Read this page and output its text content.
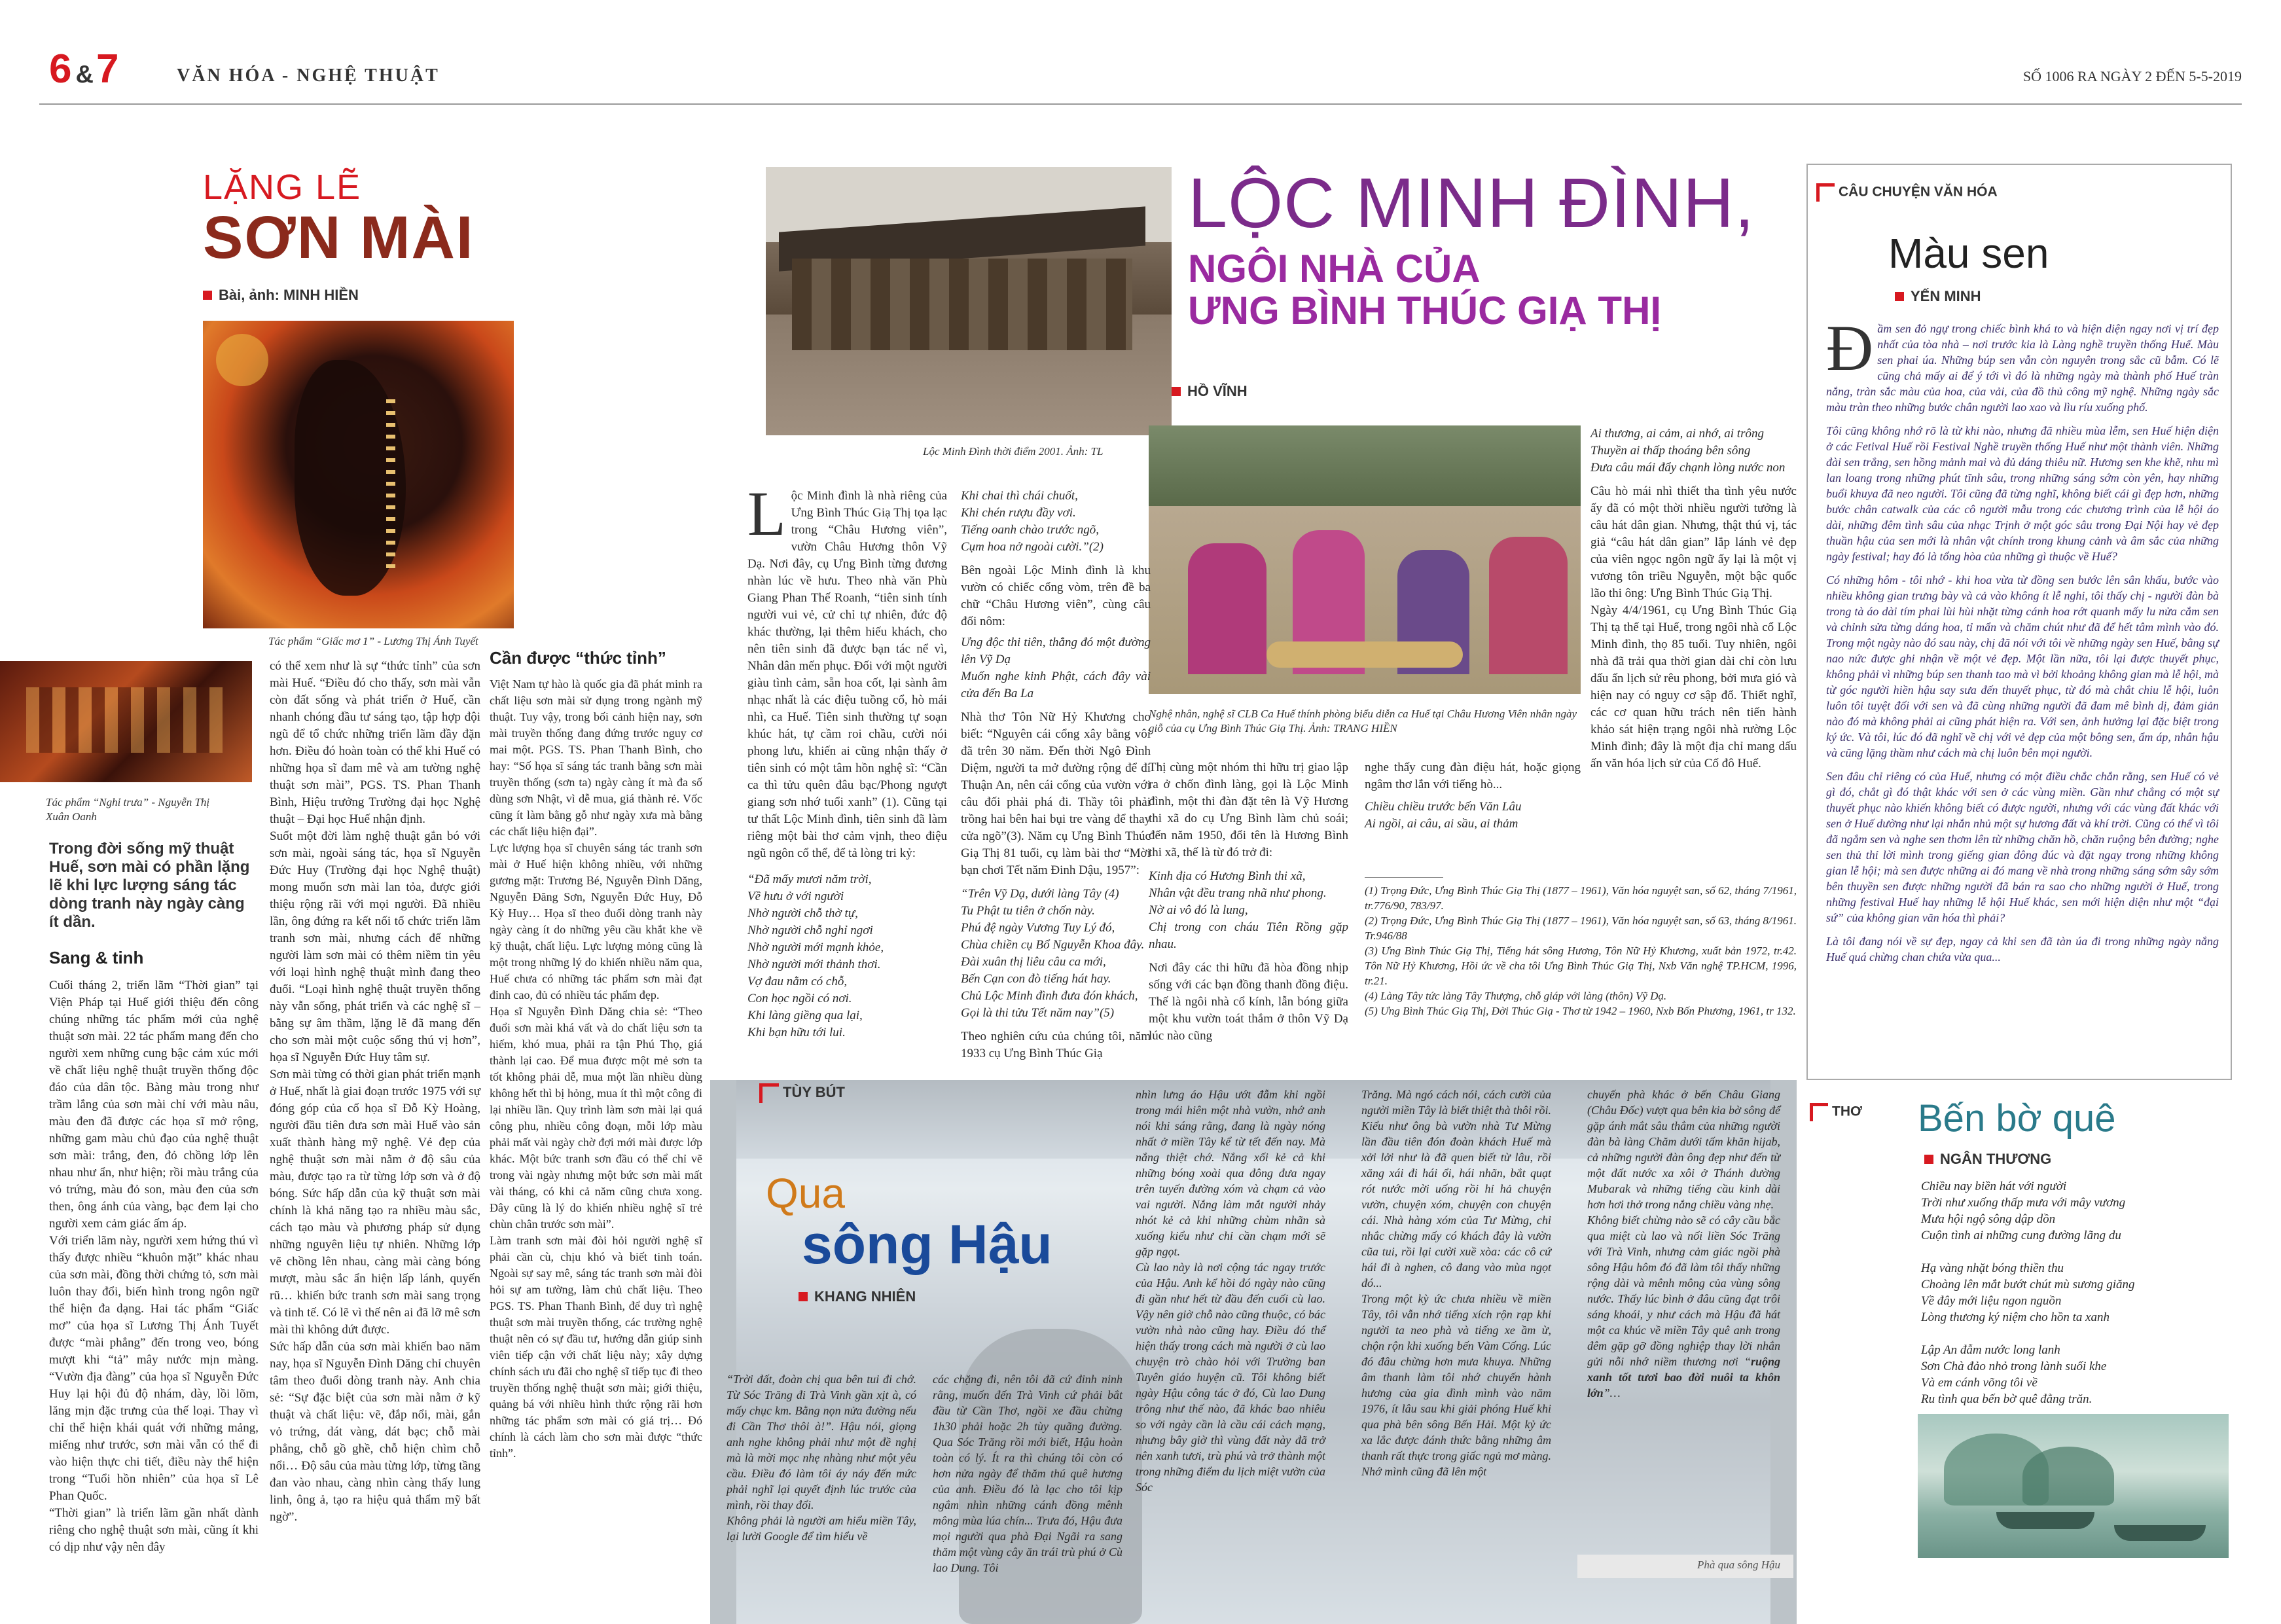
6 &7	VĂN HÓA - NGHỆ THUẬT	SỐ 1006 RA NGÀY 2 ĐẾN 5-5-2019
LẶNG LẼ
SƠN MÀI
Bài, ảnh: MINH HIỀN
Tác phẩm “Giấc mơ 1” - Lương Thị Ánh Tuyết
Tác phẩm “Nghỉ trưa” - Nguyễn Thị Xuân Oanh
Trong đời sống mỹ thuật Huế, sơn mài có phần lặng lẽ khi lực lượng sáng tác dòng tranh này ngày càng ít dần.
Sang & tinh
Cuối tháng 2, triển lãm “Thời gian” tại Viện Pháp tại Huế giới thiệu đến công chúng những tác phẩm mới của nghệ thuật sơn mài. 22 tác phẩm mang đến cho người xem những cung bậc cảm xúc mới về chất liệu nghệ thuật truyền thống độc đáo của dân tộc. Bàng màu trong như trầm lắng của sơn mài chỉ với màu nâu, màu đen đã được các họa sĩ mở rộng, những gam màu chủ đạo của nghệ thuật sơn mài: trắng, đen, đỏ chồng lớp lên nhau như ẩn, như hiện; rồi màu trắng của vỏ trứng, màu đỏ son, màu đen của sơn then, ông ánh của vàng, bạc đem lại cho người xem cảm giác ấm áp.
Với triển lãm này, người xem hứng thú vì thấy được nhiều “khuôn mặt” khác nhau của sơn mài, đồng thời chứng tỏ, sơn mài luôn thay đổi, biến hình trong ngôn ngữ thể hiện đa dạng. Hai tác phẩm “Giấc mơ” của họa sĩ Lương Thị Ánh Tuyết được “mài phẳng” đến trong veo, bóng mượt khi “tả” mây nước mịn màng. “Vườn địa đàng” của họa sĩ Nguyễn Đức Huy lại hội đủ độ nhám, dày, lồi lõm, lăng mịn đặc trưng của thế loại. Thay vì chỉ thể hiện khái quát với những mảng, miếng như trước, sơn mài vẫn có thể đi vào hiện thực chi tiết, điều này thể hiện trong “Tuổi hồn nhiên” của họa sĩ Lê Phan Quốc.
“Thời gian” là triển lãm gần nhất dành riêng cho nghệ thuật sơn mài, cũng ít khi có dịp như vậy nên đây
có thể xem như là sự “thức tỉnh” của sơn mài Huế. “Điều đó cho thấy, sơn mài vẫn còn đất sống và phát triển ở Huế, cần nhanh chóng đầu tư sáng tạo, tập hợp đội ngũ để tổ chức những triển lãm đầy đặn hơn. Điều đó hoàn toàn có thể khi Huế có những họa sĩ đam mê và am tường nghệ thuật sơn mài”, PGS. TS. Phan Thanh Bình, Hiệu trưởng Trường đại học Nghệ thuật – Đại học Huế nhận định.
Suốt một đời làm nghệ thuật gắn bó với sơn mài, ngoài sáng tác, họa sĩ Nguyễn Đức Huy (Trường đại học Nghệ thuật) mong muốn sơn mài lan tỏa, được giới thiệu rộng rãi với mọi người. Đã nhiều lần, ông đứng ra kết nối tổ chức triển lãm tranh sơn mài, nhưng cách để những người làm sơn mài có thêm niềm tin yêu với loại hình nghệ thuật mình đang theo đuổi. “Loại hình nghệ thuật truyền thống này vẫn sống, phát triển và các nghệ sĩ – bằng sự âm thầm, lặng lẽ đã mang đến cho sơn mài một cuộc sống thú vị hơn”, họa sĩ Nguyễn Đức Huy tâm sự.
Sơn mài từng có thời gian phát triển mạnh ở Huế, nhất là giai đoạn trước 1975 với sự đóng góp của cố họa sĩ Đỗ Kỳ Hoàng, người đầu tiên đưa sơn mài Huế vào sản xuất thành hàng mỹ nghệ. Vẻ đẹp của nghệ thuật sơn mài nằm ở độ sâu của màu, được tạo ra từ từng lớp sơn và ở độ bóng. Sức hấp dẫn của kỹ thuật sơn mài chính là khả năng tạo ra nhiều màu sắc, cách tạo màu và phương pháp sử dụng những nguyên liệu tự nhiên. Những lớp vẽ chồng lên nhau, càng mài càng bóng mượt, màu sắc ẩn hiện lấp lánh, quyến rũ… khiến bức tranh sơn mài sang trọng và tinh tế. Có lẽ vì thế nên ai đã lỡ mê sơn mài thì không dứt được.
Sức hấp dẫn của sơn mài khiến bao năm nay, họa sĩ Nguyễn Đình Dăng chỉ chuyên tâm theo đuổi dòng tranh này. Anh chia sẻ: “Sự đặc biệt của sơn mài nằm ở kỹ thuật và chất liệu: vẽ, đắp nổi, mài, gắn vỏ trứng, dát vàng, dát bạc; chỗ mài phẳng, chỗ gồ ghề, chỗ hiện chìm chỗ nổi… Độ sâu của màu từng lớp, từng tầng đan vào nhau, càng nhìn càng thấy lung linh, ông ả, tạo ra hiệu quả thẩm mỹ bất ngờ”.
Cần được “thức tỉnh”
Việt Nam tự hào là quốc gia đã phát minh ra chất liệu sơn mài sử dụng trong ngành mỹ thuật. Tuy vậy, trong bối cảnh hiện nay, sơn mài truyền thống đang đứng trước nguy cơ mai một. PGS. TS. Phan Thanh Bình, cho hay: “Số họa sĩ sáng tác tranh bằng sơn mài truyền thống (sơn ta) ngày càng ít mà đa số dùng sơn Nhật, vì dễ mua, giá thành rẻ. Vốc cũng ít làm bằng gỗ như ngày xưa mà bằng các chất liệu hiện đại”.
Lực lượng họa sĩ chuyên sáng tác tranh sơn mài ở Huế hiện không nhiều, với những gương mặt: Trương Bé, Nguyễn Đình Dăng, Nguyễn Đăng Sơn, Nguyễn Đức Huy, Đỗ Kỳ Huy… Họa sĩ theo đuổi dòng tranh này ngày càng ít do những yêu cầu khắt khe về kỹ thuật, chất liệu. Lực lượng mỏng cũng là một trong những lý do khiến nhiều năm qua, Huế chưa có những tác phẩm sơn mài đạt đỉnh cao, đủ có nhiều tác phẩm đẹp.
Họa sĩ Nguyễn Đình Dăng chia sẻ: “Theo đuổi sơn mài khá vất và do chất liệu sơn ta hiếm, khó mua, phải ra tận Phú Thọ, giá thành lại cao. Để mua được một mẻ sơn ta tốt không phải dễ, mua một lần nhiều dùng không hết thì bị hỏng, mua ít thì một công đi lại nhiều lần. Quy trình làm sơn mài lại quá công phu, nhiều công đoạn, mỗi lớp màu phải mất vài ngày chờ đợi mới mài được lớp khác. Một bức tranh sơn đầu có thể chỉ vẽ trong vài ngày nhưng một bức sơn mài mất vài tháng, có khi cả năm cũng chưa xong. Đây cũng là lý do khiến nhiều nghệ sĩ trẻ chùn chân trước sơn mài”.
Làm tranh sơn mài đòi hỏi người nghệ sĩ phải cần cù, chịu khó và biết tinh toán. Ngoài sự say mê, sáng tác tranh sơn mài đòi hỏi sự am tường, làm chủ chất liệu. Theo PGS. TS. Phan Thanh Bình, để duy trì nghệ thuật sơn mài truyền thống, các trường nghệ thuật nên có sự đầu tư, hướng dẫn giúp sinh viên tiếp cận với chất liệu này; xây dựng chính sách ưu đãi cho nghệ sĩ tiếp tục đi theo truyền thống nghệ thuật sơn mài; giới thiệu, quảng bá với nhiều hình thức rộng rãi hơn những tác phẩm sơn mài có giá trị… Đó chính là cách làm cho sơn mài được “thức tỉnh”.
Lộc Minh Đình thời điểm 2001. Ảnh: TL
LỘC MINH ĐÌNH,
NGÔI NHÀ CỦA
ƯNG BÌNH THÚC GIẠ THỊ
HỒ VĨNH
Nghệ nhân, nghệ sĩ CLB Ca Huế thính phòng biểu diễn ca Huế tại Châu Hương Viên nhân ngày giỗ của cụ Ưng Bình Thúc Giạ Thị. Ảnh: TRANG HIỀN
L ộc Minh đình là nhà riêng của Ưng Bình Thúc Giạ Thị tọa lạc trong “Châu Hương viên”, vườn Châu Hương thôn Vỹ Dạ. Nơi đây, cụ Ưng Bình từng đương nhàn lúc về hưu. Theo nhà văn Phù Giang Phan Thế Roanh, “tiên sinh tính người vui vẻ, cử chỉ tự nhiên, đức độ khác thường, lại thêm hiếu khách, cho nên tiên sinh đã được bạn tác nể vì, Nhân dân mến phục. Đối với một người giàu tình cảm, sẵn hoa cốt, lại sành âm nhạc nhất là các điệu tuồng cổ, hò mái nhì, ca Huế. Tiên sinh thường tự soạn khúc hát, tự cầm roi chầu, cười nói phong lưu, khiến ai cũng nhận thấy ở tiên sinh có một tâm hồn nghệ sĩ: “Cần ca thì tửu quên đâu bạc/Phong ngượt giang sơn nhớ tuổi xanh” (1). Cũng tại tư thất Lộc Minh đình, tiên sinh đã làm riêng một bài thơ cảm vịnh, theo điệu ngũ ngôn cổ thể, để tả lòng tri kỷ:
“Đã mấy mươi năm trời,
Về hưu ở với người
Nhờ người chỗ thờ tự,
Nhờ người chỗ nghỉ ngơi
Nhờ người mới mạnh khỏe,
Nhờ người mới thảnh thơi.
Vợ đau nằm có chỗ,
Con học ngồi có nơi.
Khi làng giềng qua lại,
Khi bạn hữu tới lui.
Khi chai thì chái chuốt,
Khi chén rượu đầy vơi.
Tiếng oanh chào trước ngõ,
Cụm hoa nở ngoài cười.”(2)
Bên ngoài Lộc Minh đình là khu vườn có chiếc cổng vòm, trên đề ba chữ “Châu Hương viên”, cùng câu đối nôm:
Ưng độc thi tiên, thẳng đó một đường lên Vỹ Dạ
Muốn nghe kinh Phật, cách đây vài cửa đến Ba La
Nhà thơ Tôn Nữ Hỷ Khương cho biết: “Nguyên cái cổng xây bằng vôi đã trên 30 năm. Đến thời Ngô Đình Diệm, người ta mở đường rộng để đi Thuận An, nên cái cổng của vườn với câu đối phải phá đi. Thầy tôi phải trồng hai bên hai bụi tre vàng để thay cửa ngõ”(3). Năm cụ Ưng Bình Thúc Giạ Thị 81 tuổi, cụ làm bài thơ “Mời bạn chơi Tết năm Đinh Dậu, 1957”:
“Trên Vỹ Dạ, dưới làng Tây (4)
Tu Phật tu tiên ở chốn này.
Phú đệ ngày Vương Tuy Lý đó,
Chùa chiền cụ Bổ Nguyễn Khoa đây.
Đài xuân thị liêu câu ca mới,
Bến Cạn con đò tiếng hát hay.
Chủ Lộc Minh đình đưa đón khách,
Gọi là thi tửu Tết năm nay”(5)
Theo nghiên cứu của chúng tôi, năm 1933 cụ Ưng Bình Thúc Giạ
Thị cùng một nhóm thi hữu trị giao lập ra ở chốn đình làng, gọi là Lộc Minh đình, một thi đàn đặt tên là Vỹ Hương thi xã do cụ Ưng Bình làm chủ soái; đến năm 1950, đổi tên là Hương Bình thi xã, thế là từ đó trở đi:
Kinh địa có Hương Bình thi xã,
Nhân vật đều trang nhã như phong.
Nờ ai vô đó là lung,
Chị trong con cháu Tiên Rồng gặp nhau.
Nơi đây các thi hữu đã hòa đồng nhịp sống với các bạn đồng thanh đồng điệu. Thế là ngôi nhà cổ kính, lẫn bóng giữa một khu vườn toát thắm ở thôn Vỹ Dạ lúc nào cũng
nghe thấy cung đàn điệu hát, hoặc giọng ngâm thơ lắn với tiếng hò...
Chiều chiều trước bến Văn Lâu
Ai ngồi, ai câu, ai sầu, ai thảm
(1) Trọng Đức, Ưng Bình Thúc Giạ Thị (1877 – 1961), Văn hóa nguyệt san, số 62, tháng 7/1961, tr.776/90, 783/97.
(2) Trọng Đức, Ưng Bình Thúc Giạ Thị (1877 – 1961), Văn hóa nguyệt san, số 63, tháng 8/1961. Tr.946/88
(3) Ưng Bình Thúc Giạ Thị, Tiếng hát sông Hương, Tôn Nữ Hỷ Khương, xuất bản 1972, tr.42. Tôn Nữ Hỷ Khương, Hồi ức về cha tôi Ưng Bình Thúc Giạ Thị, Nxb Văn nghệ TP.HCM, 1996, tr.21.
(4) Làng Tây tức làng Tây Thượng, chỗ giáp với làng (thôn) Vỹ Dạ.
(5) Ưng Bình Thúc Giạ Thị, Đời Thúc Giạ - Thơ từ 1942 – 1960, Nxb Bốn Phương, 1961, tr 132.
Ai thương, ai cảm, ai nhớ, ai trông
Thuyền ai thấp thoáng bên sông
Đưa câu mái đẩy chạnh lòng nước non
Câu hò mái nhì thiết tha tình yêu nước ấy đã có một thời nhiều người tưởng là câu hát dân gian. Nhưng, thật thú vị, tác giả “câu hát dân gian” lắp lánh vẻ đẹp của viên ngọc ngôn ngữ ấy lại là một vị vương tôn triều Nguyễn, một bậc quốc lão thi ông: Ưng Bình Thúc Giạ Thị.
Ngày 4/4/1961, cụ Ưng Bình Thúc Giạ Thị tạ thế tại Huế, trong ngôi nhà cổ Lộc Minh đình, thọ 85 tuổi. Tuy nhiên, ngôi nhà đã trải qua thời gian dài chỉ còn lưu dấu ấn lịch sử rêu phong, bởi mưa gió và hiện nay có nguy cơ sập đổ. Thiết nghĩ, các cơ quan hữu trách nên tiến hành khảo sát hiện trạng ngôi nhà rường Lộc Minh đình; đây là một địa chỉ mang dấu ấn văn hóa lịch sử của Cố đô Huế.
TÙY BÚT
Qua
sông Hậu
KHANG NHIÊN
“Trời đất, đoàn chị qua bên tui đi chớ. Từ Sóc Trăng đi Trà Vinh gần xịt à, có mấy chục km. Bằng nọn nửa đường nếu đi Cần Thơ thôi à!”. Hậu nói, giọng anh nghe không phải như một đề nghị mà là mời mọc nhẹ nhàng như một yêu cầu. Điều đó làm tôi áy náy đến mức phải nghĩ lại quyết định lúc trước của mình, rồi thay đổi.
Không phải là người am hiểu miền Tây, lại lười Google để tìm hiểu về
các chặng đi, nên tôi đã cứ đinh ninh rằng, muốn đến Trà Vinh cứ phải bắt đầu từ Cần Thơ, ngồi xe đầu chừng 1h30 phải hoặc 2h tùy quãng đường. Qua Sóc Trăng rồi mới biết, Hậu hoàn toàn có lý. Ít ra thì chúng tôi còn có hơn nửa ngày để thăm thú quê hương của anh. Điều đó là lạc cho tôi kịp ngắm nhìn những cánh đồng mênh mông mùa lúa chín... Trưa đó, Hậu đưa mọi người qua phà Đại Ngãi ra sang thăm một vùng cây ăn trái trù phú ở Cù lao Dung. Tôi
nhìn lưng áo Hậu ướt đẫm khi ngồi trong mái hiên một nhà vườn, nhớ anh nói khi sáng rằng, đang là ngày nóng nhất ở miền Tây kể từ tết đến nay. Mà nắng thiệt chớ. Nắng xối kẻ cả khi những bóng xoài qua đông đưa ngay trên tuyến đường xóm và chạm cả vào vai người. Nắng làm mắt người nhảy nhót kẻ cả khi những chùm nhãn sà xuống kiểu như chỉ cần chạm mới sẽ gặp ngọt.
Cù lao này là nơi cộng tác ngay trước của Hậu. Anh kể hồi đó ngày nào cũng đi gần như hết từ đầu đến cuối cù lao. Vậy nên giờ chỗ nào cũng thuộc, có bác vườn nhà nào cũng hay. Điều đó thể hiện thấy trong cách mà người ở cù lao chuyện trò chào hỏi với Trường ban Tuyên giáo huyện cũ. Tôi không biết ngày Hậu công tác ở đó, Cù lao Dung trông như thế nào, đã khác bao nhiêu so với ngày cần là cầu cái cách mạng, nhưng bây giờ thì vùng đất này đã trở nên xanh tươi, trù phú và trở thành một trong những điểm du lịch miệt vườn của Sóc
Trăng. Mà ngó cách nói, cách cười của người miền Tây là biết thiệt thà thôi rồi. Kiểu như ông bà vườn nhà Tư Mừng lần đầu tiên đón đoàn khách Huế mà xởi lởi như là đã quen biết từ lâu, rồi xăng xái đi hái ổi, hái nhãn, bắt quạt rót nước mời uống rồi hỉ hả chuyện vườn, chuyện xóm, chuyện con chuyện cái. Nhà hàng xóm của Tư Mừng, chỉ nhắc chừng mấy có khách đây là vườn cũa tui, rồi lại cười xuề xòa: các cô cứ hái đi à nghen, cô đang vào mùa ngọt đó...
Trong một kỳ ức chưa nhiều về miền Tây, tôi vẫn nhớ tiếng xích rộn rạp khi người ta neo phà và tiếng xe ầm ừ, chộn rộn khi xuống bến Vàm Cống. Lúc đó đâu chừng hơn mưa khuya. Những âm thanh làm tôi nhớ chuyến hành hương của gia đình mình vào năm 1976, ít lâu sau khi giải phóng Huế khi qua phà bên sông Bến Hải. Một kỷ ức xa lắc được đánh thức bằng những âm thanh rất thực trong giấc ngủ mơ màng. Nhớ mình cũng đã lên một
chuyến phà khác ở bến Châu Giang (Châu Đốc) vượt qua bên kia bờ sông để gặp ánh mắt sâu thẳm của những người đàn bà làng Chăm dưới tấm khăn hijab, cả những người đàn ông đẹp như đến từ một đất nước xa xôi ở Thánh đường Mubarak và những tiếng cầu kinh dài hơn hơi thở trong nắng chiều vàng nhẹ.
Không biết chừng nào sẽ có cây cầu bắc qua miệt cù lao và nối liền Sóc Trăng với Trà Vinh, nhưng cảm giác ngồi phà sông Hậu hôm đó đã làm tôi thấy những rộng dài và mênh mông của vùng sông nước. Thấy lúc bình ở đâu cũng đạt trôi sáng khoái, y như cách mà Hậu đã hát một ca khúc về miền Tây quê anh trong đêm gặp gỡ đồng nghiệp thay lời nhắn gửi nỗi nhớ niềm thương nơi “ruộng xanh tốt tươi bao đời nuôi ta khôn lớn”…
Phà qua sông Hậu
CÂU CHUYỆN VĂN HÓA
Màu sen
YẾN MINH
Đ ầm sen đỏ ngự trong chiếc bình khá to và hiện diện ngay nơi vị trí đẹp nhất của tòa nhà – nơi trước kia là Làng nghề truyền thống Huế. Màu sen phai úa. Những búp sen vẫn còn nguyên trong sắc cũ bẫm. Có lẽ cũng chả mấy ai để ý tới vì đó là những ngày mà thành phố Huế tràn nắng, tràn sắc màu của hoa, của vải, của đồ thủ công mỹ nghệ. Những ngày sắc màu tràn theo những bước chân người lao xao và lìu ríu xuống phố.
Tôi cũng không nhớ rõ là từ khi nào, nhưng đã nhiều mùa lễm, sen Huế hiện diện ở các Fetival Huế rồi Festival Nghề truyền thống Huế như một thành viên. Những đài sen trắng, sen hồng mảnh mai và đủ dáng thiêu nữ. Hương sen khe khẽ, nhu mì lan loang trong những phút tĩnh sâu, trong những sáng sớm còn yên, hay những buổi khuya đã neo người. Tôi cũng đã từng nghĩ, không biết cái gì đẹp hơn, những bước chân catwalk của các cô người mẫu trong các chương trình của lễ hội áo dài, những đêm tình sâu của nhạc Trịnh ở một góc sâu trong Đại Nội hay vẻ đẹp thuần hậu của sen mới là nhân vật chính trong khung cảnh và âm sắc của những ngày festival; hay đó là tổng hòa của những gì thuộc về Huế?
Có những hôm - tôi nhớ - khi hoa vừa từ đồng sen bước lên sân khấu, bước vào nhiều không gian trưng bày và cả vào không ít lễ nghi, tôi thấy chị - người đàn bà trong tà áo dài tím phai lùi hùi nhặt từng cánh hoa rớt quanh mấy lu nửa cắm sen và chỉnh sửa từng dáng hoa, tỉ mẩn và chăm chút như đã để hết tâm mình vào đó. Trong một ngày nào đó sau này, chị đã nói với tôi về những ngày sen Huế, bằng sự nao nức được ghi nhận về một vẻ đẹp. Một lần nữa, tôi lại được thuyết phục, không phải vì những búp sen thanh tao mà vì bởi khoảng không gian mà lễ hội, mà từ góc người hiền hậu say sưa đến thuyết phục, từ đó mà chắt chiu lễ hội, luôn luôn tôi tuyệt đối với sen và đã cùng những người đã đam mê bình dị, đảm giản nào đó mà không phải ai cũng phát hiện ra. Với sen, ảnh hưởng lại đặc biệt trong ký ức. Và tôi, lúc đó đã nghĩ về chị với vẻ đẹp của một bông sen, ẩm áp, nhân hậu và cũng lặng thầm như cách mà chị luôn bên mọi người.
Sen đâu chỉ riêng có của Huế, nhưng có một điều chắc chắn rằng, sen Huế có vẻ gì đó, chắt gì đó thật khác với sen ở các vùng miền. Gần như chẳng có một sự thuyết phục nào khiến không biết có được người, nhưng với các vùng đất khác với sen ở Huế dường như lại nhắn nhủ một sự hương đất và khí trời. Cũng có thể vì tôi đã ngắm sen và nghe sen thơm lên từ những chăn hồ, chăn ruộng bên đường; nghe sen thủ thỉ lời mình trong giếng gian đông đúc và đặt ngay trong những không gian lễ hội; mà sen được những ai đó mang về nhà trong những sáng sớm sây sớm bên thuyền sen được những người đã bán ra sao cho những người ở Huế, trong những festival Huế hay những lễ hội Huế khác, sen mới hiện diện như một “đại sứ” của không gian văn hóa thì phải?
Là tôi đang nói về sự đẹp, ngay cả khi sen đã tàn úa đi trong những ngày nắng Huế quá chừng chan chứa vừa qua...
THƠ Bến bờ quê
NGÂN THƯƠNG
Chiều nay biền hát với người
Trời như xuống thấp mưa với mây vương
Mưa hội ngộ sông dập dồn
Cuộn tình ai những cung đường lãng du

Hạ vàng nhặt bóng thiền thu
Choàng lên mắt bướt chút mù sương giăng
Về đây mới liệu ngon nguồn
Lòng thương ký niệm cho hồn ta xanh

Lập An đẫm nước long lanh
Sơn Chà đảo nhỏ trong lành suối khe
Và em cánh võng tôi về
Ru tình qua bến bờ quê đằng trăn.
